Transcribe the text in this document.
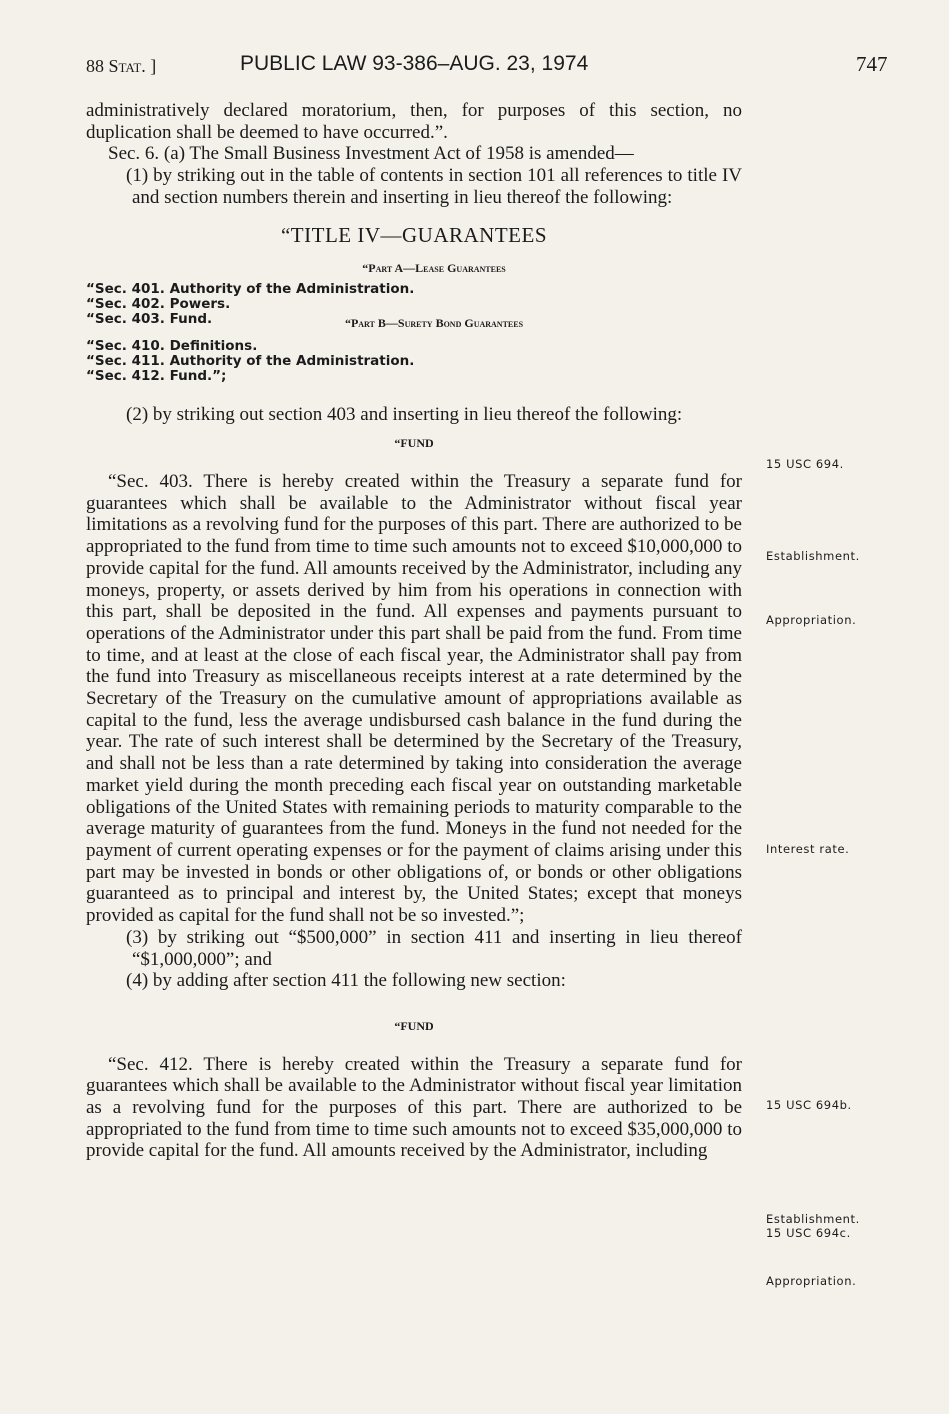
88 Stat. ]	PUBLIC LAW 93-386–AUG. 23, 1974	747

administratively declared moratorium, then, for purposes of this section, no duplication shall be deemed to have occurred.”.

Sec. 6. (a) The Small Business Investment Act of 1958 is amended—

(1) by striking out in the table of contents in section 101 all references to title IV and section numbers therein and inserting in lieu thereof the following:

“TITLE IV—GUARANTEES
“Part A—Lease Guarantees
“Sec. 401. Authority of the Administration.
“Sec. 402. Powers.
“Sec. 403. Fund.	“Part B—Surety Bond Guarantees
“Sec. 410. Definitions.
“Sec. 411. Authority of the Administration.
“Sec. 412. Fund.”;

(2) by striking out section 403 and inserting in lieu thereof the following:

“FUND

“Sec. 403. There is hereby created within the Treasury a separate fund for guarantees which shall be available to the Administrator without fiscal year limitations as a revolving fund for the purposes of this part. There are authorized to be appropriated to the fund from time to time such amounts not to exceed $10,000,000 to provide capital for the fund. All amounts received by the Administrator, including any moneys, property, or assets derived by him from his operations in connection with this part, shall be deposited in the fund. All expenses and payments pursuant to operations of the Administrator under this part shall be paid from the fund. From time to time, and at least at the close of each fiscal year, the Administrator shall pay from the fund into Treasury as miscellaneous receipts interest at a rate determined by the Secretary of the Treasury on the cumulative amount of appropriations available as capital to the fund, less the average undisbursed cash balance in the fund during the year. The rate of such interest shall be determined by the Secretary of the Treasury, and shall not be less than a rate determined by taking into consideration the average market yield during the month preceding each fiscal year on outstanding marketable obligations of the United States with remaining periods to maturity comparable to the average maturity of guarantees from the fund. Moneys in the fund not needed for the payment of current operating expenses or for the payment of claims arising under this part may be invested in bonds or other obligations of, or bonds or other obligations guaranteed as to principal and interest by, the United States; except that moneys provided as capital for the fund shall not be so invested.”;

(3) by striking out “$500,000” in section 411 and inserting in lieu thereof “$1,000,000”; and

(4) by adding after section 411 the following new section:

“FUND

“Sec. 412. There is hereby created within the Treasury a separate fund for guarantees which shall be available to the Administrator without fiscal year limitation as a revolving fund for the purposes of this part. There are authorized to be appropriated to the fund from time to time such amounts not to exceed $35,000,000 to provide capital for the fund. All amounts received by the Administrator, including

15 USC 694.
Establishment.
Appropriation.
Interest rate.
15 USC 694b.
Establishment.
15 USC 694c.
Appropriation.
